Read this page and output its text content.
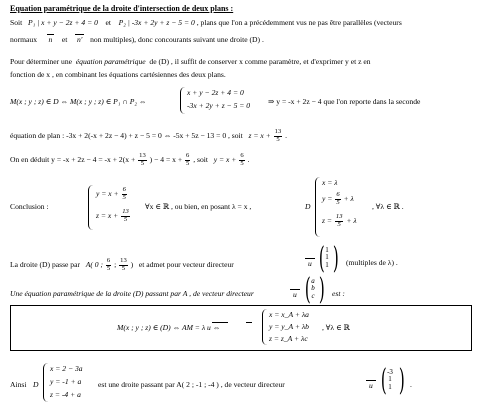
Equation paramétrique de la droite d'intersection de deux plans :
Soit P₁ | x + y − 2z + 4 = 0 et P₂ | -3x + 2y + z − 5 = 0 , plans que l'on a précédemment vus ne pas être parallèles (vecteurs
normaux n et n' non multiples), donc concourants suivant une droite (D) .
Pour déterminer une équation paramétrique de (D) , il suffit de conserver x comme paramètre, et d'exprimer y et z en
fonction de x , en combinant les équations cartésiennes des deux plans.
M(x ; y ; z) ∈ D ⇔ M(x ; y ; z) ∈ P₁ ∩ P₂ ⇔
x + y − 2z + 4 = 0
-3x + 2y + z − 5 = 0 ⇒ y = -x + 2z − 4 que l'on reporte dans la seconde
équation de plan : -3x + 2(-x + 2z − 4) + z − 5 = 0 ⇔ -5x + 5z − 13 = 0 , soit $z = x + \frac{13}{5}$ .
On en déduit $y = -x + 2z - 4 = -x + 2(x + \frac{13}{5}$ ) − $4 = x + \frac{6}{5}$ , soit $y = x + \frac{6}{5}$ .
Conclusion :
$y = x + \frac{6}{5}$
$z = x + \frac{13}{5}$
∀x ∈ ℝ , ou bien, en posant λ = x ,	D
x = λ
$y = \frac{6}{5} + \lambda$
$z = \frac{13}{5} + \lambda$
, ∀λ ∈ ℝ .
La droite (D) passe par A( 0 ; $\frac{6}{5}$ ; $\frac{13}{5}$ ) et admet pour vecteur directeur	u ( 1
1
1 ) (multiples de λ) .
Une équation paramétrique de la droite (D) passant par A , de vecteur directeur	u ( a
b
c ) est :
M(x ; y ; z) ∈ (D) ⇔ AM = λ u ⇔
x = x_A + λa
y = y_A + λb
z = z_A + λc
, ∀λ ∈ ℝ
Ainsi D
x = 2 − 3a
y = -1 + a
z = -4 + a
est une droite passant par A( 2 ; -1 ; -4 ) , de vecteur directeur	u ( -3
1
1 ) .
